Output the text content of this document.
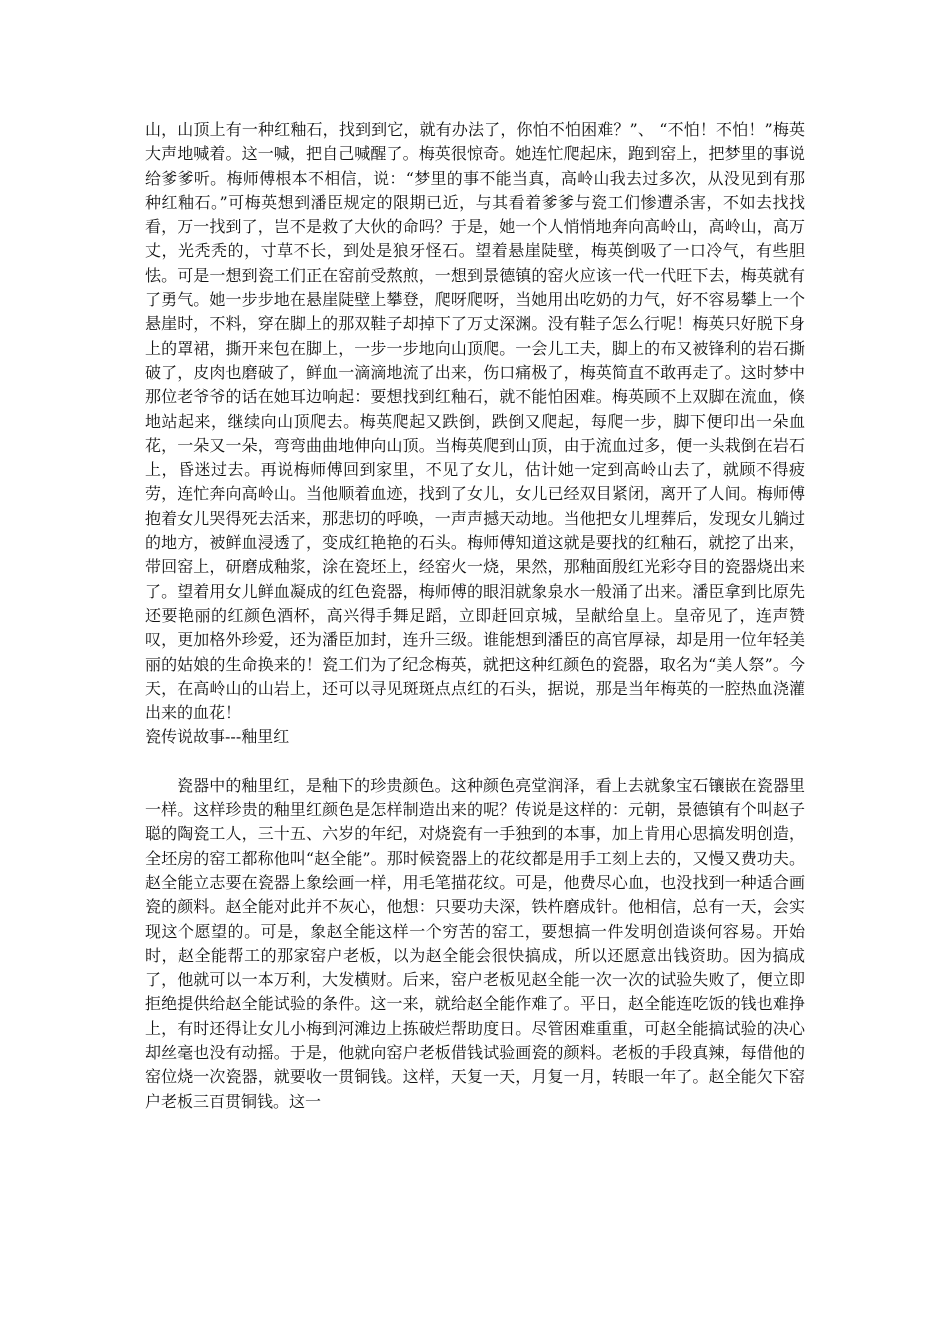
山，山顶上有一种红釉石，找到到它，就有办法了，你怕不怕困难？”、 “不怕！不怕！”梅英大声地喊着。这一喊，把自己喊醒了。梅英很惊奇。她连忙爬起床，跑到窑上，把梦里的事说给爹爹听。梅师傅根本不相信，说：“梦里的事不能当真，高岭山我去过多次，从没见到有那种红釉石。”可梅英想到潘臣规定的限期已近，与其看着爹爹与瓷工们惨遭杀害，不如去找找看，万一找到了，岂不是救了大伙的命吗？于是，她一个人悄悄地奔向高岭山，高岭山，高万丈，光秃秃的，寸草不长，到处是狼牙怪石。望着悬崖陡壁，梅英倒吸了一口冷气，有些胆怯。可是一想到瓷工们正在窑前受熬煎，一想到景德镇的窑火应该一代一代旺下去，梅英就有了勇气。她一步步地在悬崖陡壁上攀登，爬呀爬呀，当她用出吃奶的力气，好不容易攀上一个悬崖时，不料，穿在脚上的那双鞋子却掉下了万丈深渊。没有鞋子怎么行呢！梅英只好脱下身上的罩裙，撕开来包在脚上，一步一步地向山顶爬。一会儿工夫，脚上的布又被锋利的岩石撕破了，皮肉也磨破了，鲜血一滴滴地流了出来，伤口痛极了，梅英简直不敢再走了。这时梦中那位老爷爷的话在她耳边响起：要想找到红釉石，就不能怕困难。梅英顾不上双脚在流血，倏地站起来，继续向山顶爬去。梅英爬起又跌倒，跌倒又爬起，每爬一步，脚下便印出一朵血花，一朵又一朵，弯弯曲曲地伸向山顶。当梅英爬到山顶，由于流血过多，便一头栽倒在岩石上，昏迷过去。再说梅师傅回到家里，不见了女儿，估计她一定到高岭山去了，就顾不得疲劳，连忙奔向高岭山。当他顺着血迹，找到了女儿，女儿已经双目紧闭，离开了人间。梅师傅抱着女儿哭得死去活来，那悲切的呼唤，一声声撼天动地。当他把女儿埋葬后，发现女儿躺过的地方，被鲜血浸透了，变成红艳艳的石头。梅师傅知道这就是要找的红釉石，就挖了出来，带回窑上，研磨成釉浆，涂在瓷坯上，经窑火一烧，果然，那釉面殷红光彩夺目的瓷器烧出来了。望着用女儿鲜血凝成的红色瓷器，梅师傅的眼泪就象泉水一般涌了出来。潘臣拿到比原先还要艳丽的红颜色酒杯，高兴得手舞足蹈，立即赶回京城，呈献给皇上。皇帝见了，连声赞叹，更加格外珍爱，还为潘臣加封，连升三级。谁能想到潘臣的高官厚禄，却是用一位年轻美丽的姑娘的生命换来的！瓷工们为了纪念梅英，就把这种红颜色的瓷器，取名为“美人祭”。今天，在高岭山的山岩上，还可以寻见斑斑点点红的石头，据说，那是当年梅英的一腔热血浇灌出来的血花！

瓷传说故事---釉里红

瓷器中的釉里红，是釉下的珍贵颜色。这种颜色亮堂润泽，看上去就象宝石镶嵌在瓷器里一样。这样珍贵的釉里红颜色是怎样制造出来的呢？传说是这样的：元朝，景德镇有个叫赵子聪的陶瓷工人，三十五、六岁的年纪，对烧瓷有一手独到的本事，加上肯用心思搞发明创造，全坯房的窑工都称他叫“赵全能”。那时候瓷器上的花纹都是用手工刻上去的，又慢又费功夫。赵全能立志要在瓷器上象绘画一样，用毛笔描花纹。可是，他费尽心血，也没找到一种适合画瓷的颜料。赵全能对此并不灰心，他想：只要功夫深，铁杵磨成针。他相信，总有一天，会实现这个愿望的。可是，象赵全能这样一个穷苦的窑工，要想搞一件发明创造谈何容易。开始时，赵全能帮工的那家窑户老板，以为赵全能会很快搞成，所以还愿意出钱资助。因为搞成了，他就可以一本万利，大发横财。后来，窑户老板见赵全能一次一次的试验失败了，便立即拒绝提供给赵全能试验的条件。这一来，就给赵全能作难了。平日，赵全能连吃饭的钱也难挣上，有时还得让女儿小梅到河滩边上拣破烂帮助度日。尽管困难重重，可赵全能搞试验的决心却丝毫也没有动摇。于是，他就向窑户老板借钱试验画瓷的颜料。老板的手段真辣，每借他的窑位烧一次瓷器，就要收一贯铜钱。这样，天复一天，月复一月，转眼一年了。赵全能欠下窑户老板三百贯铜钱。这一
